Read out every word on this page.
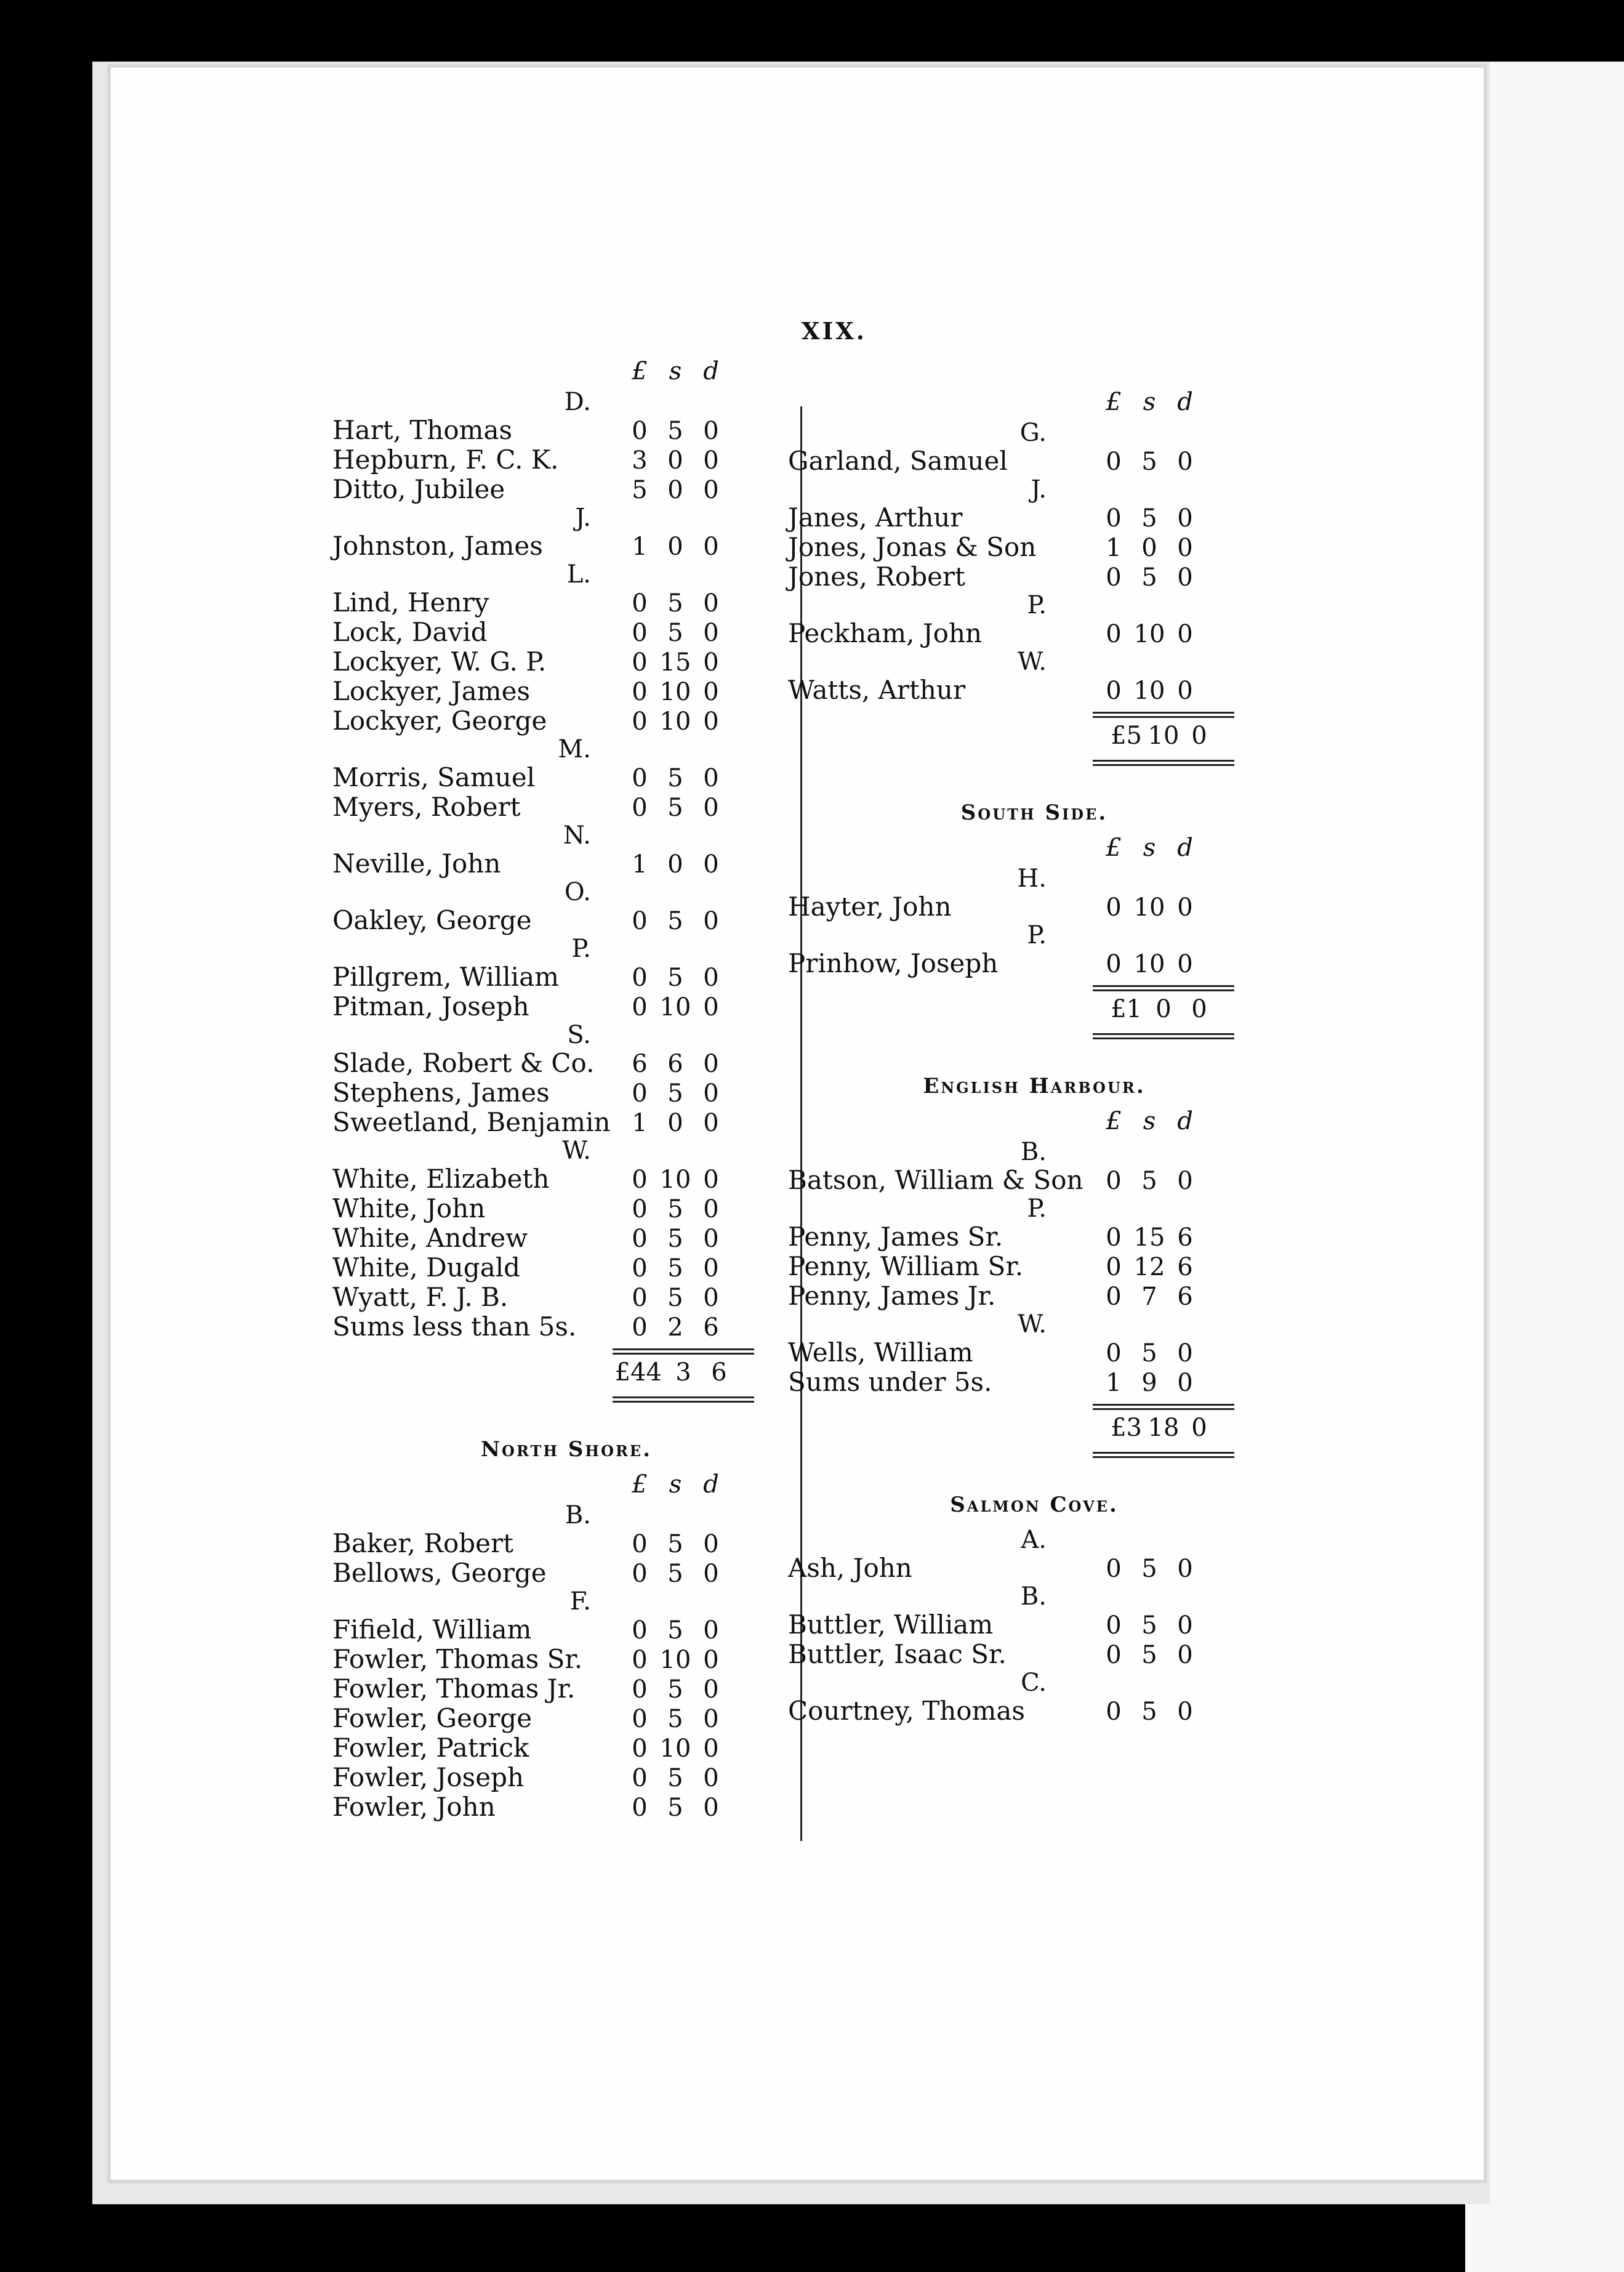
XIX.
£ s d
D.
Hart, Thomas	0 5 0
Hepburn, F. C. K.	3 0 0
Ditto, Jubilee	5 0 0
J.
Johnston, James	1 0 0
L.
Lind, Henry	0 5 0
Lock, David	0 5 0
Lockyer, W. G. P.	0 15 0
Lockyer, James	0 10 0
Lockyer, George	0 10 0
M.
Morris, Samuel	0 5 0
Myers, Robert	0 5 0
N.
Neville, John	1 0 0
O.
Oakley, George	0 5 0
P.
Pillgrem, William	0 5 0
Pitman, Joseph	0 10 0
S.
Slade, Robert & Co.	6 6 0
Stephens, James	0 5 0
Sweetland, Benjamin 1 0 0
W.
White, Elizabeth	0 10 0
White, John	0 5 0
White, Andrew	0 5 0
White, Dugald	0 5 0
Wyatt, F. J. B.	0 5 0
Sums less than 5s.	0 2 6
£44 3 6
North Shore.
£ s d
B.
Baker, Robert	0 5 0
Bellows, George	0 5 0
F.
Fifield, William	0 5 0
Fowler, Thomas Sr.	0 10 0
Fowler, Thomas Jr.	0 5 0
Fowler, George	0 5 0
Fowler, Patrick	0 10 0
Fowler, Joseph	0 5 0
Fowler, John	0 5 0
£ s d
G.
Garland, Samuel	0 5 0
J.
Janes, Arthur	0 5 0
Jones, Jonas & Son	1 0 0
Jones, Robert	0 5 0
P.
Peckham, John	0 10 0
W.
Watts, Arthur	0 10 0
£5 10 0
South Side.
£ s d
H.
Hayter, John	0 10 0
P.
Prinhow, Joseph	0 10 0
£1 0 0
English Harbour.
£ s d
B.
Batson, William & Son 0 5 0
P.
Penny, James Sr.	0 15 6
Penny, William Sr.	0 12 6
Penny, James Jr.	0 7 6
W.
Wells, William	0 5 0
Sums under 5s.	1 9 0
£3 18 0
Salmon Cove.
A.
Ash, John	0 5 0
B.
Buttler, William	0 5 0
Buttler, Isaac Sr.	0 5 0
C.
Courtney, Thomas	0 5 0
